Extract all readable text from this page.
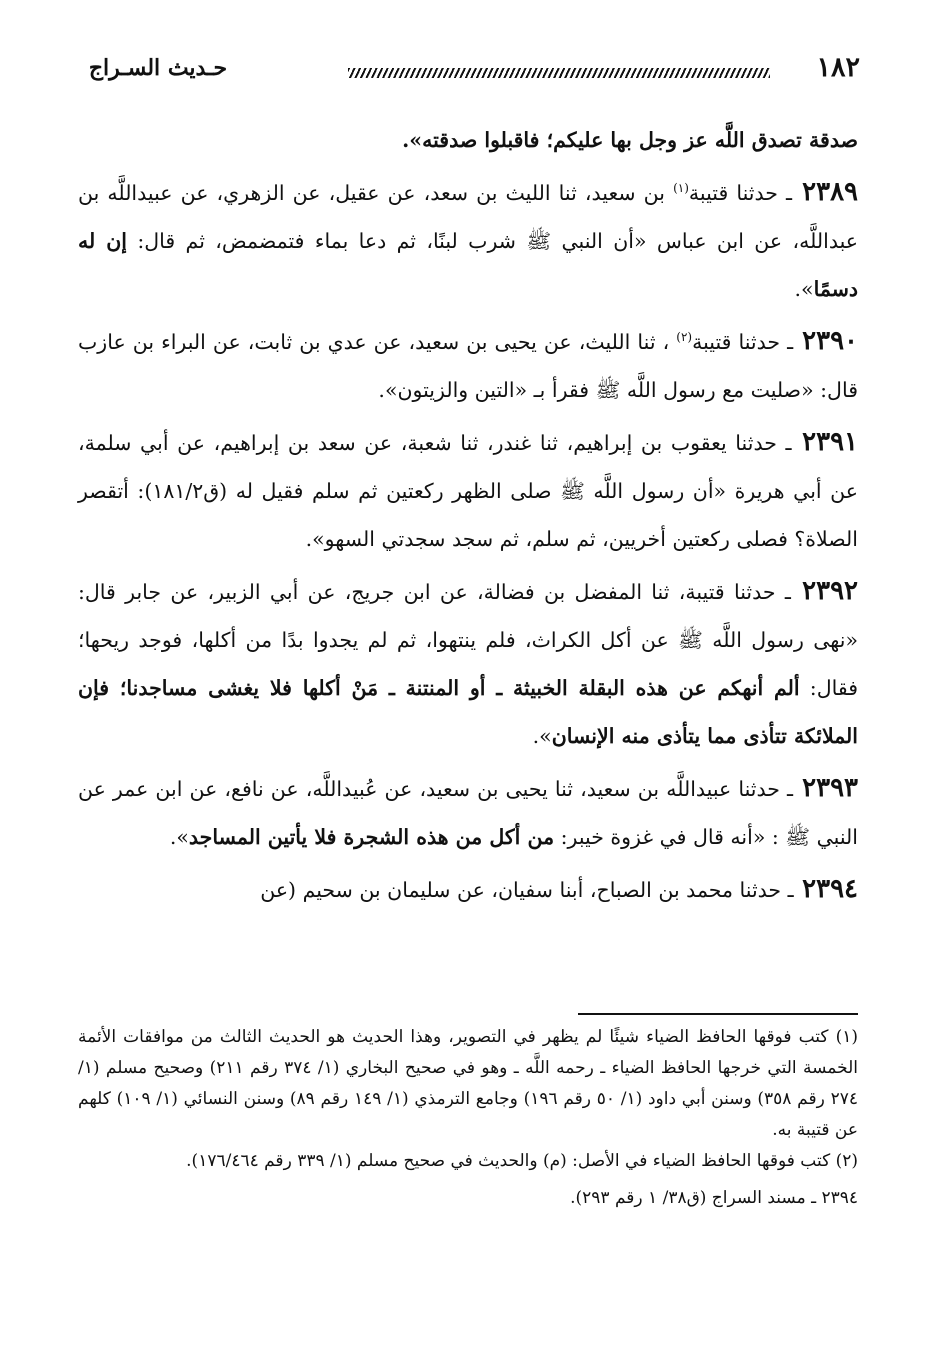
١٨٢
حـديث السـراج

صدقة تصدق اللَّه عز وجل بها عليكم؛ فاقبلوا صدقته».

٢٣٨٩ ـ حدثنا قتيبة$^{(١)}$ بن سعيد، ثنا الليث بن سعد، عن عقيل، عن الزهري، عن عبيداللَّه بن عبداللَّه، عن ابن عباس «أن النبي ﷺ شرب لبنًا، ثم دعا بماء فتمضمض، ثم قال: إن له دسمًا».

٢٣٩٠ ـ حدثنا قتيبة$^{(٢)}$ ، ثنا الليث، عن يحيى بن سعيد، عن عدي بن ثابت، عن البراء بن عازب قال: «صليت مع رسول اللَّه ﷺ فقرأ بـ «التين والزيتون».

٢٣٩١ ـ حدثنا يعقوب بن إبراهيم، ثنا غندر، ثنا شعبة، عن سعد بن إبراهيم، عن أبي سلمة، عن أبي هريرة «أن رسول اللَّه ﷺ صلى الظهر ركعتين ثم سلم فقيل له (ق١٨١/٢): أتقصر الصلاة؟ فصلى ركعتين أخريين، ثم سلم، ثم سجد سجدتي السهو».

٢٣٩٢ ـ حدثنا قتيبة، ثنا المفضل بن فضالة، عن ابن جريج، عن أبي الزبير، عن جابر قال: «نهى رسول اللَّه ﷺ عن أكل الكراث، فلم ينتهوا، ثم لم يجدوا بدًا من أكلها، فوجد ريحها؛ فقال: ألم أنهكم عن هذه البقلة الخبيثة ـ أو المنتنة ـ مَنْ أكلها فلا يغشى مساجدنا؛ فإن الملائكة تتأذى مما يتأذى منه الإنسان».

٢٣٩٣ ـ حدثنا عبيداللَّه بن سعيد، ثنا يحيى بن سعيد، عن عُبيداللَّه، عن نافع، عن ابن عمر عن النبي ﷺ : «أنه قال في غزوة خيبر: من أكل من هذه الشجرة فلا يأتين المساجد».

٢٣٩٤ ـ حدثنا محمد بن الصباح، أبنا سفيان، عن سليمان بن سحيم (عن

(١) كتب فوقها الحافظ الضياء شيئًا لم يظهر في التصوير، وهذا الحديث هو الحديث الثالث من موافقات الأئمة الخمسة التي خرجها الحافظ الضياء ـ رحمه اللَّه ـ وهو في صحيح البخاري (١/ ٣٧٤ رقم ٢١١) وصحيح مسلم (١/ ٢٧٤ رقم ٣٥٨) وسنن أبي داود (١/ ٥٠ رقم ١٩٦) وجامع الترمذي (١/ ١٤٩ رقم ٨٩) وسنن النسائي (١/ ١٠٩) كلهم عن قتيبة به.

(٢) كتب فوقها الحافظ الضياء في الأصل: (م) والحديث في صحيح مسلم (١/ ٣٣٩ رقم ١٧٦/٤٦٤).

٢٣٩٤ ـ مسند السراج (ق٣٨/ ١ رقم ٢٩٣).
